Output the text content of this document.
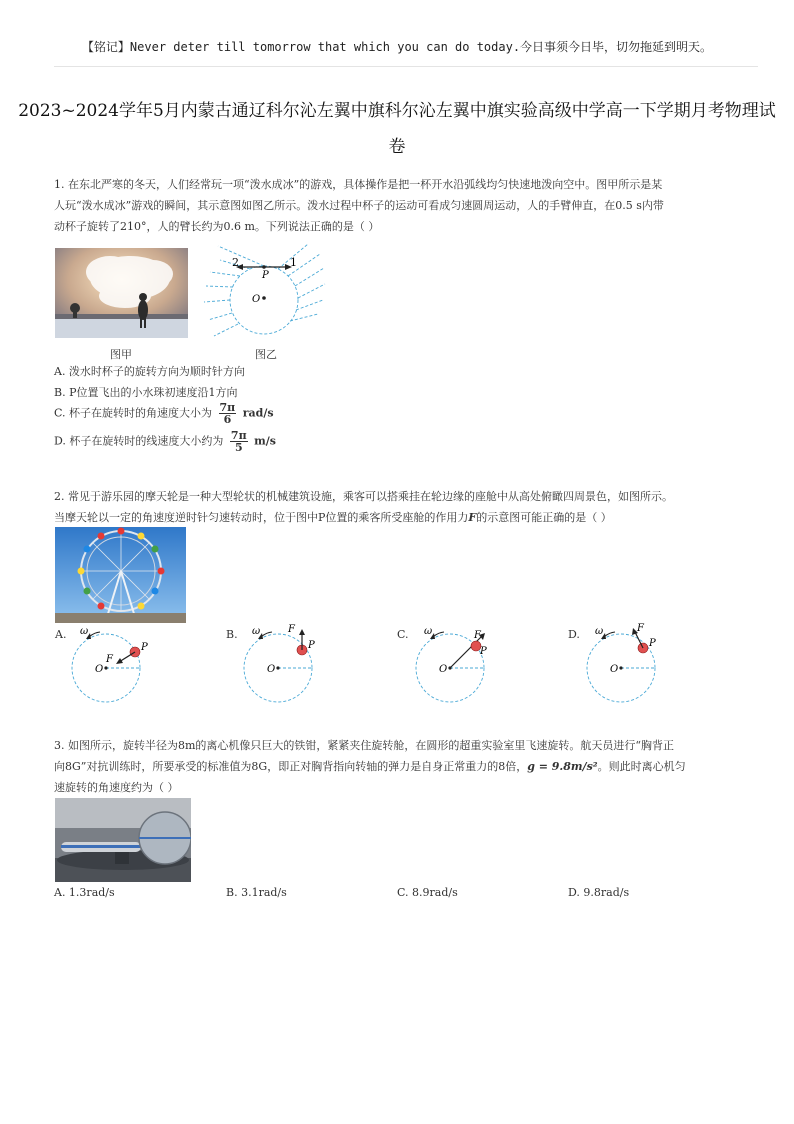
【铭记】Never deter till tomorrow that which you can do today.今日事须今日毕，切勿拖延到明天。
2023~2024学年5月内蒙古通辽科尔沁左翼中旗科尔沁左翼中旗实验高级中学高一下学期月考物理试
卷
1. 在东北严寒的冬天，人们经常玩一项“泼水成冰”的游戏，具体操作是把一杯开水沿弧线均匀快速地泼向空中。图甲所示是某
人玩“泼水成冰”游戏的瞬间，其示意图如图乙所示。泼水过程中杯子的运动可看成匀速圆周运动，人的手臂伸直，在0.5 s内带
动杯子旋转了210°，人的臂长约为0.6 m。下列说法正确的是（ ）
图甲
2	1
P
O
图乙
A. 泼水时杯子的旋转方向为顺时针方向
B. P位置飞出的小水珠初速度沿1方向
C. 杯子在旋转时的角速度大小为 $\frac{7\pi}{6} rad/s$
D. 杯子在旋转时的线速度大小约为 $\frac{7\pi}{5} m/s$
2. 常见于游乐园的摩天轮是一种大型轮状的机械建筑设施，乘客可以搭乘挂在轮边缘的座舱中从高处俯瞰四周景色，如图所示。
当摩天轮以一定的角速度逆时针匀速转动时，位于图中P位置的乘客所受座舱的作用力F的示意图可能正确的是（ ）
A. ω
F
P
O
B. ω	F
P
O
C. ω	F
P
O
D. ω	F
P
O
3. 如图所示，旋转半径为8m的离心机像只巨大的铁钳，紧紧夹住旋转舱，在圆形的超重实验室里飞速旋转。航天员进行“胸背正
向8G”对抗训练时，所要承受的标准值为8G，即正对胸背指向转轴的弹力是自身正常重力的8倍，g = 9.8m/s²。则此时离心机匀
速旋转的角速度约为（ ）
A. 1.3rad/s	B. 3.1rad/s	C. 8.9rad/s	D. 9.8rad/s
